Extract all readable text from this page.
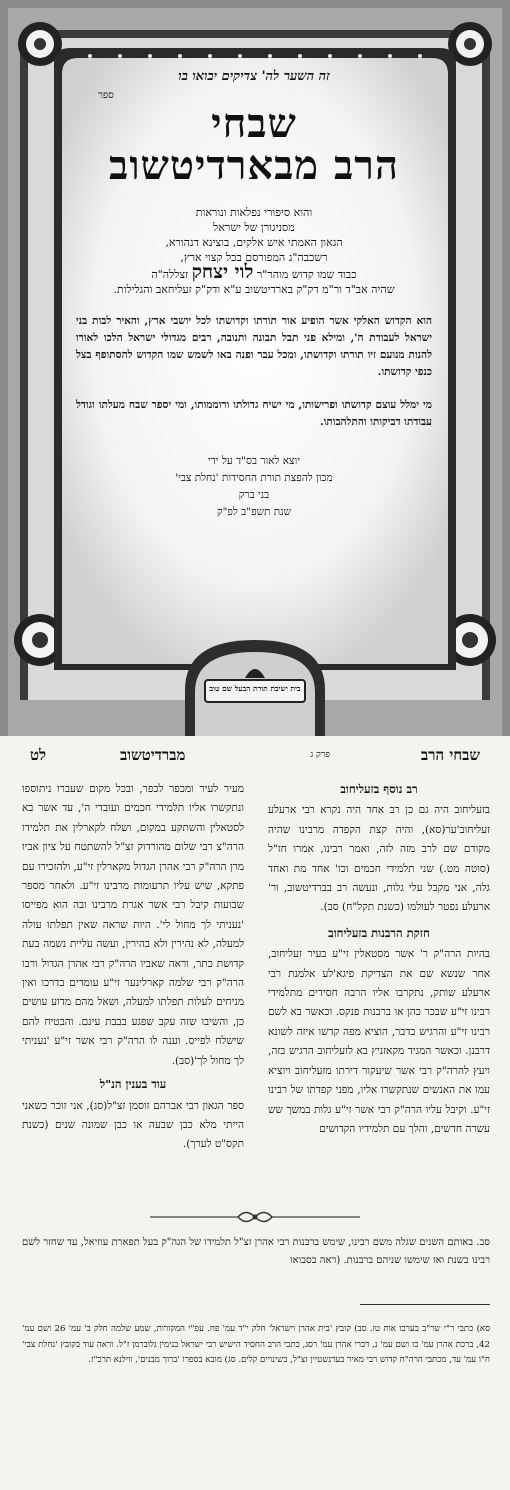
זה השער לה' צדיקים יבואו בו
ספר
שבחי
הרב מבארדיטשוב
והוא סיפורי נפלאות ונוראות
מסניגורן של ישראל
הגאון האמתי איש אלקים, בוצינא דנהורא,
רשכבה"ג המפורסם בכל קצוי ארץ,
כבוד שמו קדוש מוהר"ר לוי יצחק זצללה"ה
שהיה אב"ד ור"מ דק"ק בארדיטשוב ע"א ודק"ק זעליחאב והגלילות.
הוא הקדוש האלקי אשר הופיע אור תורתו וקדושתו לכל יושבי ארץ, והאיר לבות בני ישראל לעבודת ה', ומילא פני תבל תבונה ותנובה, רבים מגדולי ישראל הלכו לאורו להנות מנועם זיו תורתו וקדושתו, ומכל עבר ופנה באו לשמש שמו הקדוש להסתופף בצל כנפי קדושתו.
מי ימלל עוצם קדושתו ופרישותו, מי ישיח גדולתו ורוממותו, ומי יספר שבח מעלתו וגודל עבודתו דביקותו והתלהבותו.
יוצא לאור בס"ד על ידי
מכון להפצת תורת החסידות 'נחלת צבי'
בני ברק
שנת תשפ"ב לפ"ק
בית ישיבת תורת הבעל שם טוב
שבחי הרב
פרק ג
מברדיטשוב
לט
רב נוסף בזעליחוב

בזעליחוב היה גם כן רב אחד היה נקרא רבי ארעלע זעליחוב'ער(סא), והיה קצת הקפדה מרבינו שהיה מקודם שם לרב מזה לזה, ואמר רבינו, אמרו חז"ל (סוטה מט.) שני תלמידי חכמים וכו' אחד מת ואחד גלה, אני מקבל עלי גלות, ונעשה רב בברדיטשוב, ור' ארעלע נפטר לעולמו (כשנת תקל"ח) סב).

חזקת הרבנות בזעליחוב

בהיות הרה"ק ר' אשר מסטאלין זי"ע בעיר זעליחוב, אחר שנשא שם את הצדיקת פיגא'לע אלמנת רבי ארעלע שותק, נתקרבו אליו הרבה חסידים מתלמידי רבינו זי"ע שבכר כהן או ברבנות פנקס. וכאשר בא לשם רבינו זי"ע והרגיש בדבר, הוציא מפה קדשו איזה לשונא דרבנן. וכאשר המגיד מקאזניץ בא לזעליחוב הרגיש בזה, ויעץ להרה"ק רבי אשר שיעקור דירתו מזעליחוב ויוציא עמו את האנשים שנתקשרו אליו, מפני קפדתו של רבינו זי"ע. וקיבל עליו הרה"ק רבי אשר זי"ע גלות במשך שש עשרה חדשים, והלך עם תלמידיו הקדושים

מעיר לעיר ומכפר לכפר, ובכל מקום שעברו ניתוספו ונתקשרו אליו תלמידי חכמים ועובדי ה', עד אשר בא לסטאלין והשתקע במקום, ושלח לקארלין את תלמידו הרה"צ רבי שלום מהורדוק זצ"ל להשתטח על ציון אביו מרן הרה"ק רבי אהרן הגדול מקארלין זי"ע, ולהזכירו עם פתקא, שיש עליו תרעומות מרבינו זי"ע. ולאחר מספר שבועות קיבל רבי אשר אגרת מרבינו ובה הוא מפייסו 'נעניתי לך מחול לי'. היות שראה שאין תפלתו עולה למעלה, לא נהירין ולא בהירין, ועשה עליית נשמה בעת קדושת כתר, וראה שאביו הרה"ק רבי אהרן הגדול ורבו הרה"ק רבי שלמה קארלינער זי"ע עומדים בדרכו ואין מניחים לעלות תפלתו למעלה, ושאל מהם מדוע עושים כן, והשיבו שזה עקב שפגע בבבת עינם. והבטיח להם שישלח לפייס. וענה לו הרה"ק רבי אשר זי"ע 'נעניתי לך מחול לך'(סב).

עוד בענין הנ"ל

ספר הגאון רבי אברהם זוסמן זצ"ל(סג), אני זוכר כשאני הייתי מלא כבן שבעה או כבן שמונה שנים (כשנת תקס"ט לערך).

סב. באותם השנים שגלה משם רבינו, שימש ברבנות רבי אהרן זצ"ל תלמידו של הגה"ק בעל תפארת עוזיאל, עד שחזר לשם רבינו בשנת ואז שימשו שניהם ברבנות. (ראה בסבואו
סא) כתבי ר"י שר"ב בערכו אות טז. סב) קובץ 'בית אהרן וישראל' חלק י"ד עמ' פח. עפ"י המקורות, שמע שלמה חלק ב' עמ' 26 ושם עמ' 42, ברכת אהרן עמ' כו ושם עמ' נ, דברי אהרן עמ' רסג, כתבי הרב החסיד הישיש רבי ישראל בנימין גלוברמן ז"ל. וראה עוד בקובץ 'נחלת צבי' ח"ו עמ' עד, מכתבי הרה"ח קדוש רבי מאיר בערנשטיין זצ"ל, בשינויים קלים. סג) מובא בספרו 'ברוך מבנים', ווילנא תרכ"ז.
